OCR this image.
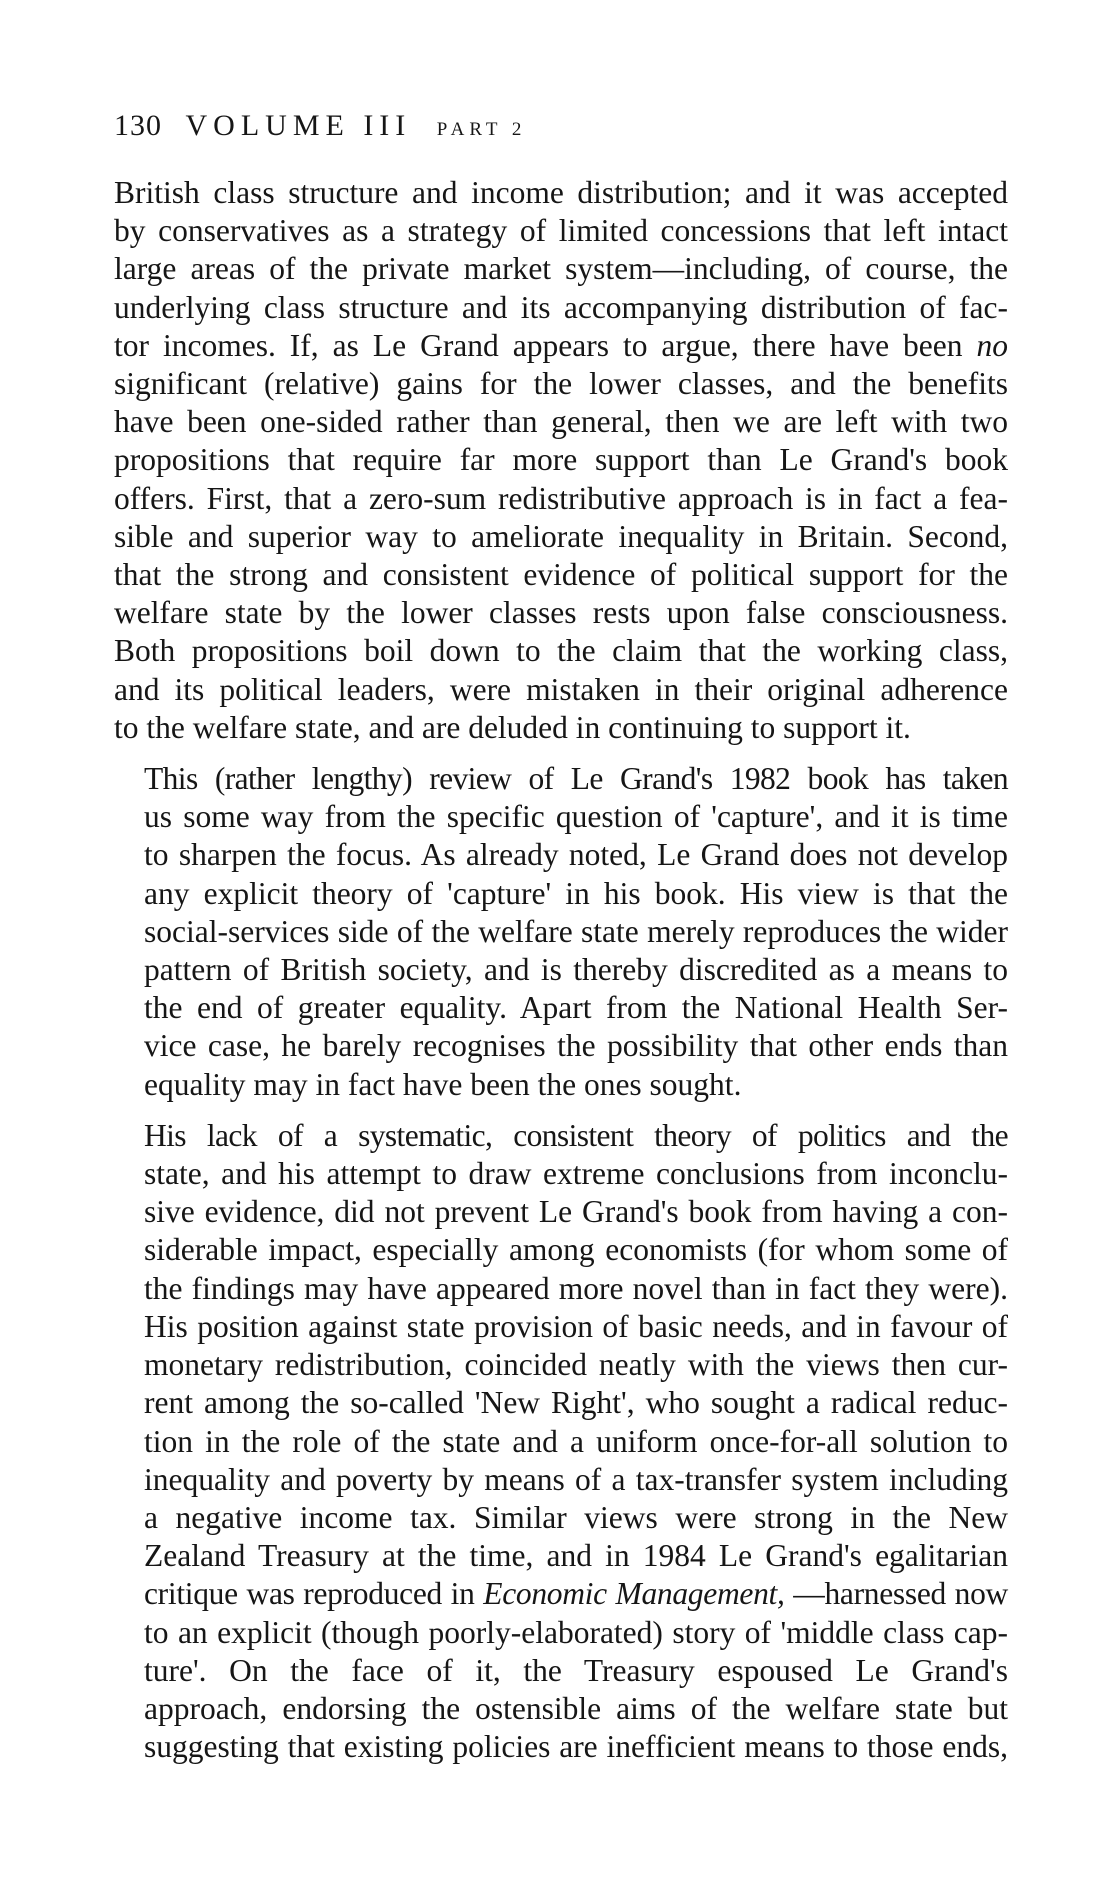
130 VOLUME III PART 2
British class structure and income distribution; and it was accepted
by conservatives as a strategy of limited concessions that left intact
large areas of the private market system—including, of course, the
underlying class structure and its accompanying distribution of fac-
tor incomes. If, as Le Grand appears to argue, there have been no
significant (relative) gains for the lower classes, and the benefits
have been one-sided rather than general, then we are left with two
propositions that require far more support than Le Grand's book
offers. First, that a zero-sum redistributive approach is in fact a fea-
sible and superior way to ameliorate inequality in Britain. Second,
that the strong and consistent evidence of political support for the
welfare state by the lower classes rests upon false consciousness.
Both propositions boil down to the claim that the working class,
and its political leaders, were mistaken in their original adherence
to the welfare state, and are deluded in continuing to support it.
This (rather lengthy) review of Le Grand's 1982 book has taken
us some way from the specific question of 'capture', and it is time
to sharpen the focus. As already noted, Le Grand does not develop
any explicit theory of 'capture' in his book. His view is that the
social-services side of the welfare state merely reproduces the wider
pattern of British society, and is thereby discredited as a means to
the end of greater equality. Apart from the National Health Ser-
vice case, he barely recognises the possibility that other ends than
equality may in fact have been the ones sought.
His lack of a systematic, consistent theory of politics and the
state, and his attempt to draw extreme conclusions from inconclu-
sive evidence, did not prevent Le Grand's book from having a con-
siderable impact, especially among economists (for whom some of
the findings may have appeared more novel than in fact they were).
His position against state provision of basic needs, and in favour of
monetary redistribution, coincided neatly with the views then cur-
rent among the so-called 'New Right', who sought a radical reduc-
tion in the role of the state and a uniform once-for-all solution to
inequality and poverty by means of a tax-transfer system including
a negative income tax. Similar views were strong in the New
Zealand Treasury at the time, and in 1984 Le Grand's egalitarian
critique was reproduced in Economic Management, —harnessed now
to an explicit (though poorly-elaborated) story of 'middle class cap-
ture'. On the face of it, the Treasury espoused Le Grand's
approach, endorsing the ostensible aims of the welfare state but
suggesting that existing policies are inefficient means to those ends,
